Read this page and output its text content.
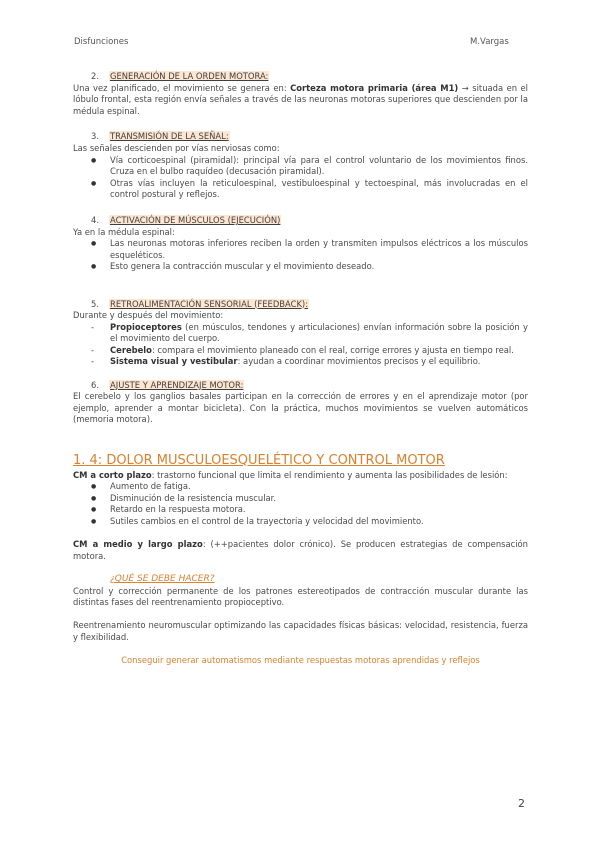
Disfunciones	M.Vargas
2. GENERACIÓN DE LA ORDEN MOTORA:

Una vez planificado, el movimiento se genera en: Corteza motora primaria (área M1) → situada en el lóbulo frontal, esta región envía señales a través de las neuronas motoras superiores que descienden por la médula espinal.

3. TRANSMISIÓN DE LA SEÑAL:

Las señales descienden por vías nerviosas como:

● Vía corticoespinal (piramidal): principal vía para el control voluntario de los movimientos finos. Cruza en el bulbo raquídeo (decusación piramidal).
● Otras vías incluyen la reticuloespinal, vestibuloespinal y tectoespinal, más involucradas en el control postural y reflejos.
4. ACTIVACIÓN DE MÚSCULOS (EJECUCIÓN)

Ya en la médula espinal:

● Las neuronas motoras inferiores reciben la orden y transmiten impulsos eléctricos a los músculos esqueléticos.
● Esto genera la contracción muscular y el movimiento deseado.
5. RETROALIMENTACIÓN SENSORIAL (FEEDBACK):

Durante y después del movimiento:

- Propioceptores (en músculos, tendones y articulaciones) envían información sobre la posición y el movimiento del cuerpo.
- Cerebelo: compara el movimiento planeado con el real, corrige errores y ajusta en tiempo real.
- Sistema visual y vestibular: ayudan a coordinar movimientos precisos y el equilibrio.
6. AJUSTE Y APRENDIZAJE MOTOR:

El cerebelo y los ganglios basales participan en la corrección de errores y en el aprendizaje motor (por ejemplo, aprender a montar bicicleta). Con la práctica, muchos movimientos se vuelven automáticos (memoria motora).

1. 4: DOLOR MUSCULOESQUELÉTICO Y CONTROL MOTOR

CM a corto plazo: trastorno funcional que limita el rendimiento y aumenta las posibilidades de lesión:

● Aumento de fatiga.
● Disminución de la resistencia muscular.
● Retardo en la respuesta motora.
● Sutiles cambios en el control de la trayectoria y velocidad del movimiento.

CM a medio y largo plazo: (++pacientes dolor crónico). Se producen estrategias de compensación motora.

¿QUÉ SE DEBE HACER?

Control y corrección permanente de los patrones estereotipados de contracción muscular durante las distintas fases del reentrenamiento propioceptivo.

Reentrenamiento neuromuscular optimizando las capacidades físicas básicas: velocidad, resistencia, fuerza y flexibilidad.

Conseguir generar automatismos mediante respuestas motoras aprendidas y reflejos

2
